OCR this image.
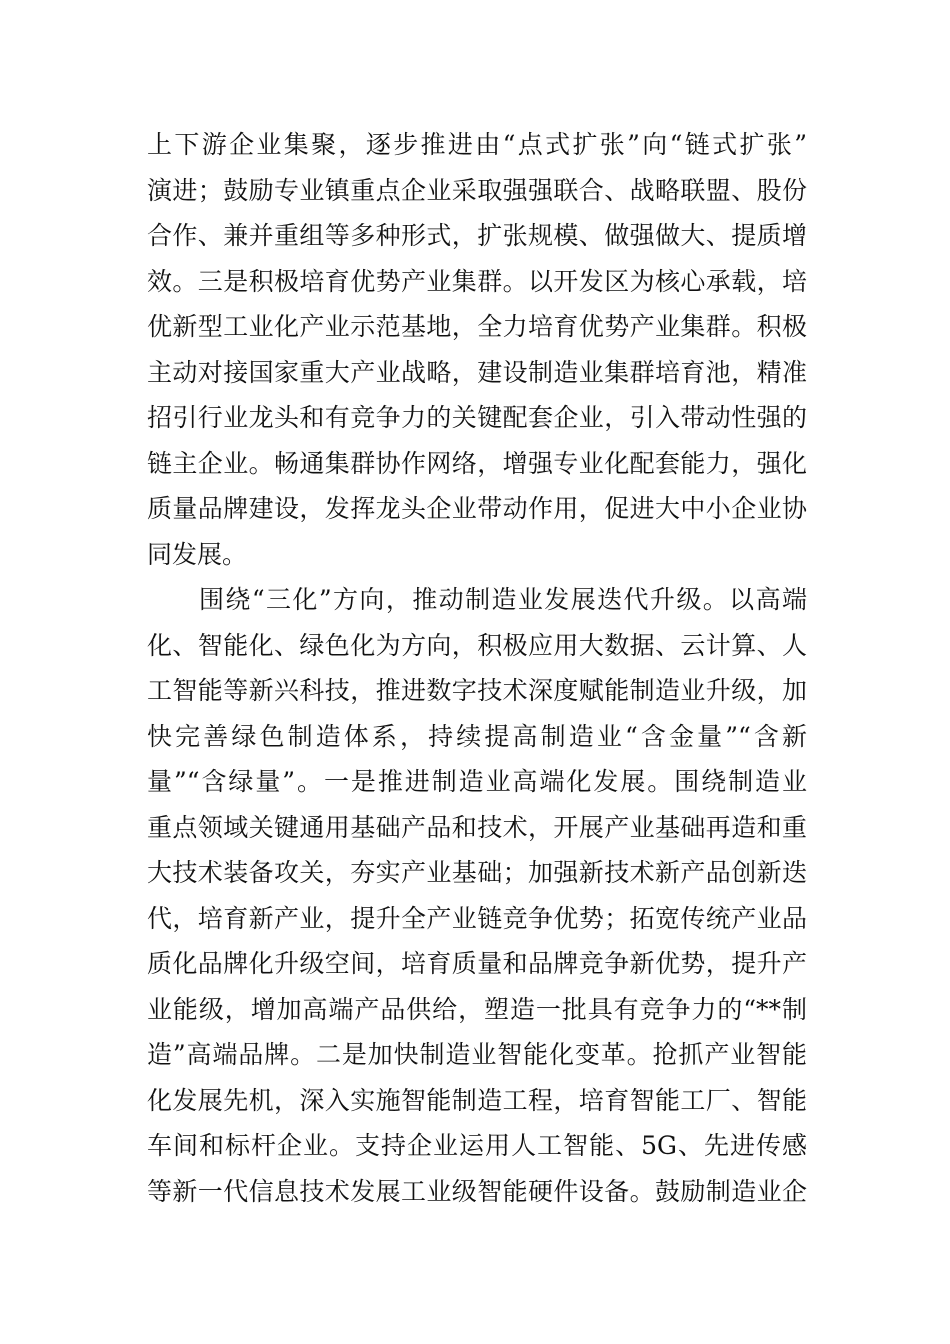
上下游企业集聚，逐步推进由“点式扩张”向“链式扩张”
演进；鼓励专业镇重点企业采取强强联合、战略联盟、股份
合作、兼并重组等多种形式，扩张规模、做强做大、提质增
效。三是积极培育优势产业集群。以开发区为核心承载，培
优新型工业化产业示范基地，全力培育优势产业集群。积极
主动对接国家重大产业战略，建设制造业集群培育池，精准
招引行业龙头和有竞争力的关键配套企业，引入带动性强的
链主企业。畅通集群协作网络，增强专业化配套能力，强化
质量品牌建设，发挥龙头企业带动作用，促进大中小企业协
同发展。
围绕“三化”方向，推动制造业发展迭代升级。以高端
化、智能化、绿色化为方向，积极应用大数据、云计算、人
工智能等新兴科技，推进数字技术深度赋能制造业升级，加
快完善绿色制造体系，持续提高制造业“含金量”“含新
量”“含绿量”。一是推进制造业高端化发展。围绕制造业
重点领域关键通用基础产品和技术，开展产业基础再造和重
大技术装备攻关，夯实产业基础；加强新技术新产品创新迭
代，培育新产业，提升全产业链竞争优势；拓宽传统产业品
质化品牌化升级空间，培育质量和品牌竞争新优势，提升产
业能级，增加高端产品供给，塑造一批具有竞争力的“**制
造”高端品牌。二是加快制造业智能化变革。抢抓产业智能
化发展先机，深入实施智能制造工程，培育智能工厂、智能
车间和标杆企业。支持企业运用人工智能、5G、先进传感
等新一代信息技术发展工业级智能硬件设备。鼓励制造业企
